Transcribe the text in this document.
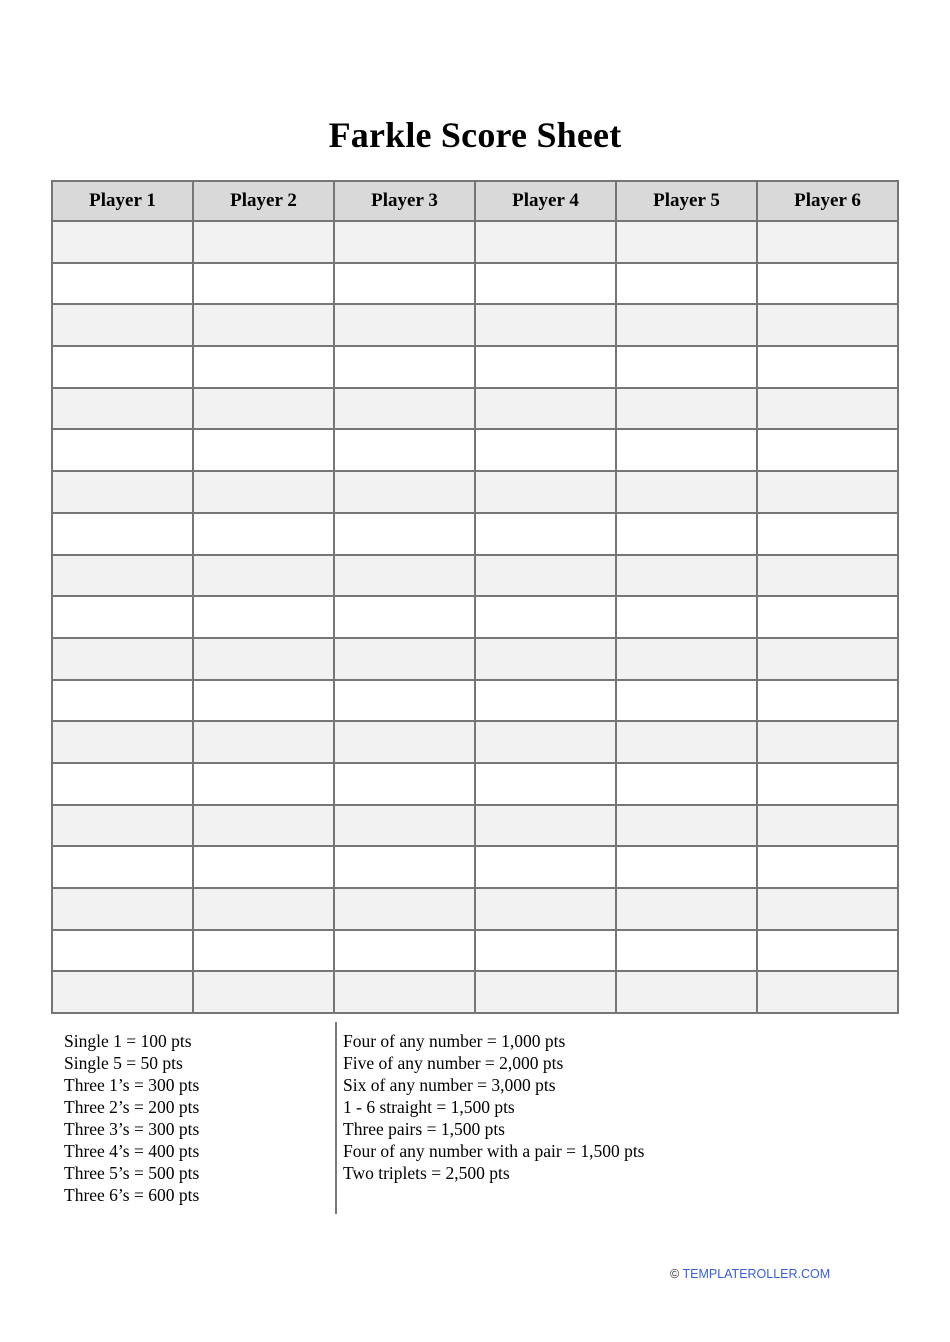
Farkle Score Sheet
Player 1	Player 2	Player 3	Player 4	Player 5	Player 6

Single 1 = 100 pts
Single 5 = 50 pts
Three 1’s = 300 pts
Three 2’s = 200 pts
Three 3’s = 300 pts
Three 4’s = 400 pts
Three 5’s = 500 pts
Three 6’s = 600 pts
Four of any number = 1,000 pts
Five of any number = 2,000 pts
Six of any number = 3,000 pts
1 - 6 straight = 1,500 pts
Three pairs = 1,500 pts
Four of any number with a pair = 1,500 pts
Two triplets = 2,500 pts
© TEMPLATEROLLER.COM
